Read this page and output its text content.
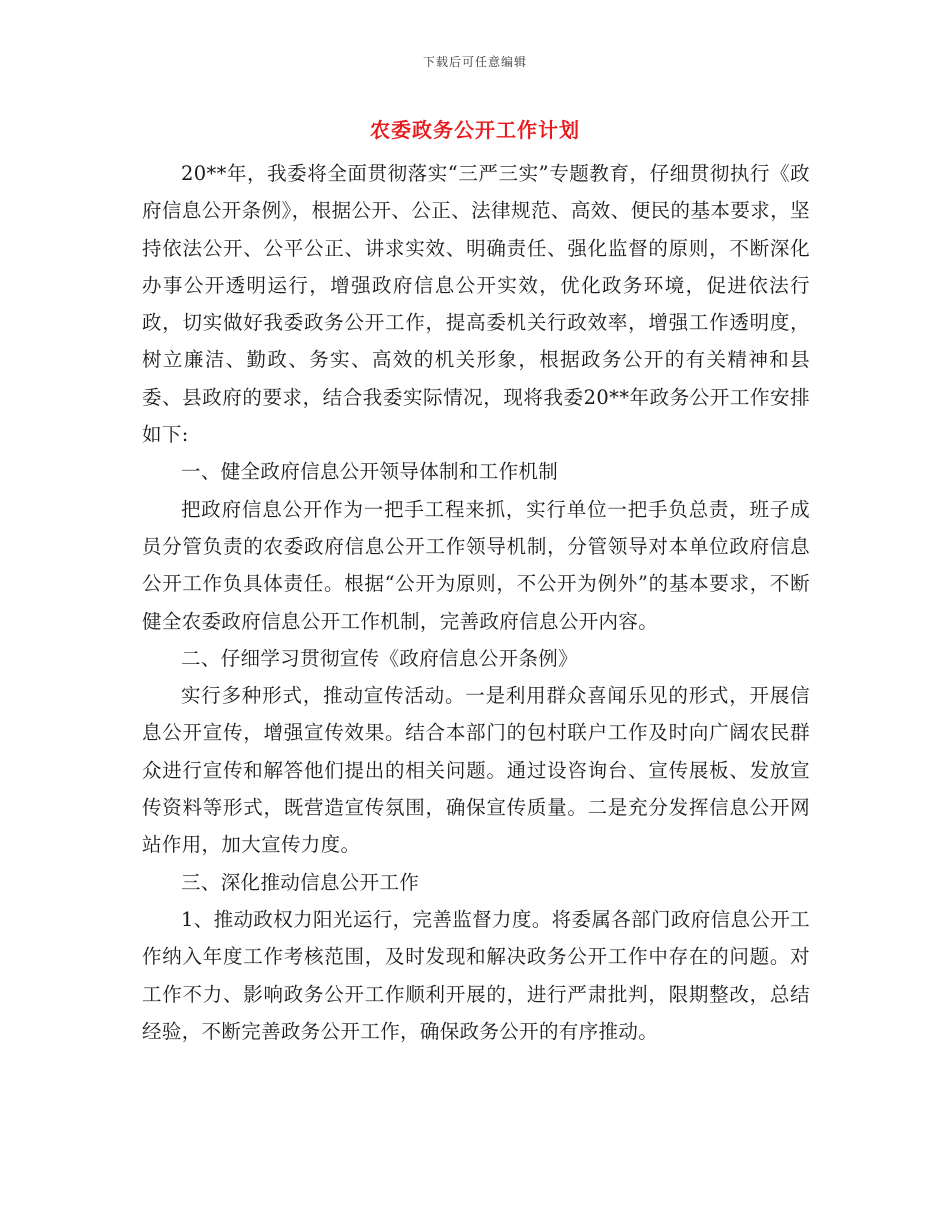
下载后可任意编辑
农委政务公开工作计划

20**年，我委将全面贯彻落实“三严三实”专题教育，仔细贯彻执行《政府信息公开条例》，根据公开、公正、法律规范、高效、便民的基本要求，坚持依法公开、公平公正、讲求实效、明确责任、强化监督的原则，不断深化办事公开透明运行，增强政府信息公开实效，优化政务环境，促进依法行政，切实做好我委政务公开工作，提高委机关行政效率，增强工作透明度，树立廉洁、勤政、务实、高效的机关形象，根据政务公开的有关精神和县委、县政府的要求，结合我委实际情况，现将我委20**年政务公开工作安排如下:

一、健全政府信息公开领导体制和工作机制

把政府信息公开作为一把手工程来抓，实行单位一把手负总责，班子成员分管负责的农委政府信息公开工作领导机制，分管领导对本单位政府信息公开工作负具体责任。根据“公开为原则，不公开为例外”的基本要求，不断健全农委政府信息公开工作机制，完善政府信息公开内容。

二、仔细学习贯彻宣传《政府信息公开条例》

实行多种形式，推动宣传活动。一是利用群众喜闻乐见的形式，开展信息公开宣传，增强宣传效果。结合本部门的包村联户工作及时向广阔农民群众进行宣传和解答他们提出的相关问题。通过设咨询台、宣传展板、发放宣传资料等形式，既营造宣传氛围，确保宣传质量。二是充分发挥信息公开网站作用，加大宣传力度。

三、深化推动信息公开工作

1、推动政权力阳光运行，完善监督力度。将委属各部门政府信息公开工作纳入年度工作考核范围，及时发现和解决政务公开工作中存在的问题。对工作不力、影响政务公开工作顺利开展的，进行严肃批判，限期整改，总结经验，不断完善政务公开工作，确保政务公开的有序推动。
